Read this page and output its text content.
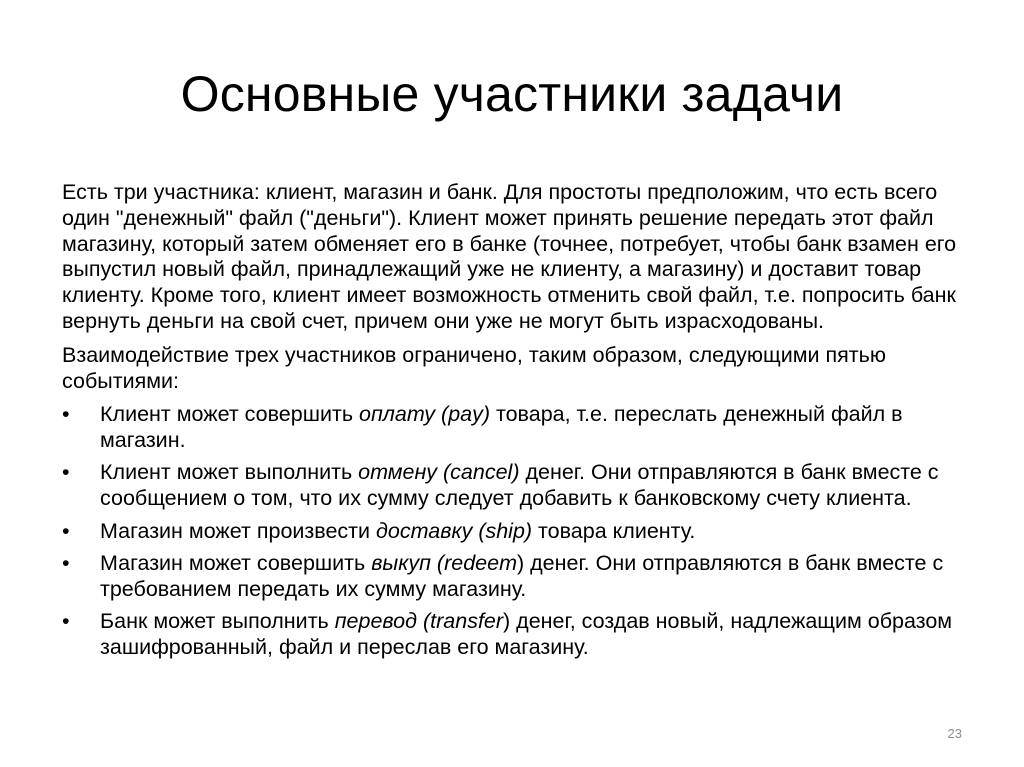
Основные участники задачи

Есть три участника: клиент, магазин и банк. Для простоты предположим, что есть всего один "денежный" файл ("деньги"). Клиент может принять решение передать этот файл магазину, который затем обменяет его в банке (точнее, потребует, чтобы банк взамен его выпустил новый файл, принадлежащий уже не клиенту, а магазину) и доставит товар клиенту. Кроме того, клиент имеет возможность отменить свой файл, т.е. попросить банк вернуть деньги на свой счет, причем они уже не могут быть израсходованы.

Взаимодействие трех участников ограничено, таким образом, следующими пятью событиями:

•	Клиент может совершить оплату (pay) товара, т.е. переслать денежный файл в магазин.
•	Клиент может выполнить отмену (cancel) денег. Они отправляются в банк вместе с сообщением о том, что их сумму следует добавить к банковскому счету клиента.
•	Магазин может произвести доставку (ship) товара клиенту.
•	Магазин может совершить выкуп (redeem) денег. Они отправляются в банк вместе с требованием передать их сумму магазину.
•	Банк может выполнить перевод (transfer) денег, создав новый, надлежащим образом зашифрованный, файл и переслав его магазину.
23
